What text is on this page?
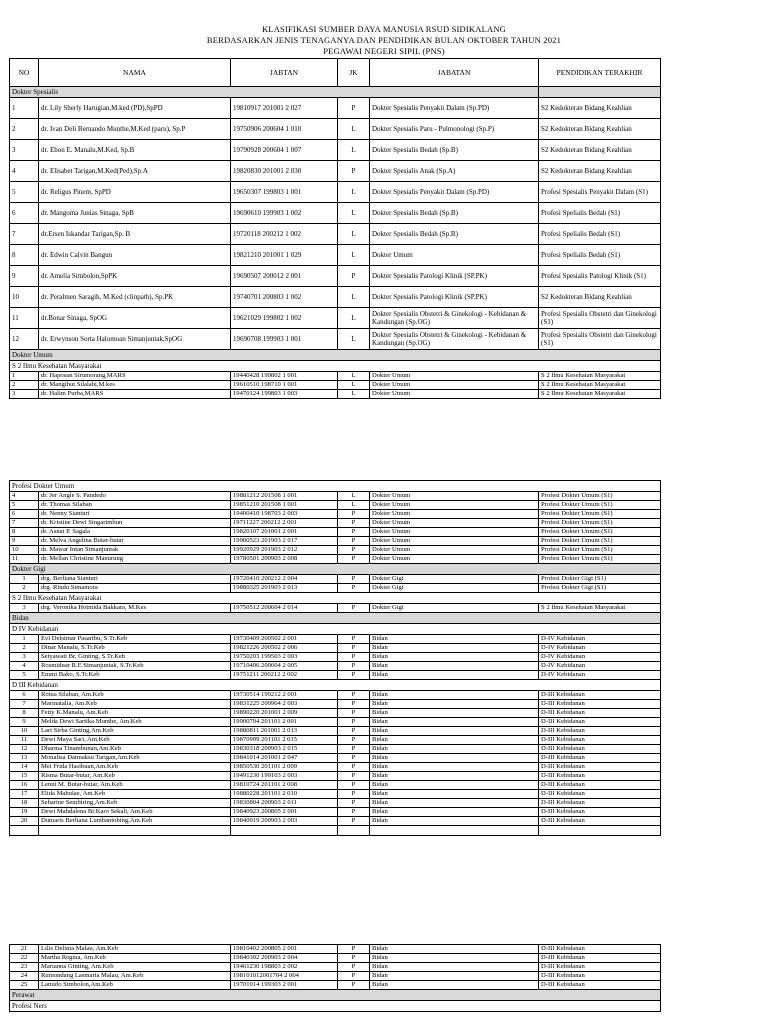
KLASIFIKASI SUMBER DAYA MANUSIA RSUD SIDIKALANG
BERDASARKAN JENIS TENAGANYA DAN PENDIDIKAN BULAN OKTOBER TAHUN 2021
PEGAWAI NEGERI SIPIL (PNS)
NO	NAMA	JABTAN	JK	JABATAN	PENDIDIKAN TERAKHIR
Dokter Spesialis					
1	dr. Lily Sherly Harugian,M.ked (PD),SpPD	19810917 201001 2 027	P	Dokter Spesialis Penyakit Dalam (Sp.PD)	S2 Kedokteran Bidang Keahlian
2	dr. Ivan Deli Bernando Munthe,M.Ked (paru), Sp.P	19750906 200604 1 010	L	Dokter Spesialis Paru - Pulmonologi (Sp.P)	S2 Kedokteran Bidang Keahlian
3	dr. Ebon E. Manalu,M.Ked, Sp.B	19790928 200604 1 007	L	Dokter Spesialis Bedah (Sp.B)	S2 Kedokteran Bidang Keahlian
4	dr. Elisabet Tarigan,M.Ked(Ped),Sp.A	19820830 201001 2 030	P	Dokter Spesialis Anak (Sp.A)	S2 Kedokteran Bidang Keahlian
5	dr. Religus Pinem, SpPD	19650307 199803 1 001	L	Dokter Spesialis Penyakit Dalam (Sp.PD)	Profesi Spesialis Penyakit Dalam (S1)
6	dr. Mangoma Junias Sinaga, SpB	19690610 199903 1 002	L	Dokter Spesialis Bedah (Sp.B)	Profesi Spelialis Bedah (S1)
7	dr.Ersen Iskandar Tarigan,Sp. B	19720118 200212 1 002	L	Dokter Spesialis Bedah (Sp.B)	Profesi Spelialis Bedah (S1)
8	dr. Edwin Calvin Bangun	19821210 201001 1 029	L	Dokter Umum	Profesi Spelialis Bedah (S1)
9	dr. Amelia Simbolon,SpPK	19690507 200012 2 001	P	Dokter Spesialis Patologi Klinik (SP.PK)	Profesi Spesialis Patologi Klinik (S1)
10	dr. Peralmen Saragih, M.Ked (clinpath), Sp.PK	19740701 200803 1 002	L	Dokter Spesialis Patologi Klinik (SP.PK)	S2 Kedokteran Bidang Keahlian
11	dr.Bonar Sinaga, SpOG	19621029 199802 1 002	L	Dokter Spesialis Obstetri & Ginekologi - Kebidanan & Kandungan (Sp.OG)	Profesi Spesialis Obstetri dan Ginekologi (S1)
12	dr. Erwynson Sorta Halomoan Simanjuntak,SpOG	19690708 199903 1 001	L	Dokter Spesialis Obstetri & Ginekologi - Kebidanan & Kandungan (Sp.OG)	Profesi Spesialis Obstetri dan Ginekologi (S1)
Dokter Umum					
S 2 Ilmu Kesehatan Masyarakat					
1	dr. Haposan Sirumorang,MARS	19440428 199802 1 001	L	Dokter Umum	S 2 Ilmu Kesehatan Masyarakat
2	dr. Mangihut Silalahi,M.kes	19610510 198710 1 001	L	Dokter Umum	S 2 Ilmu Kesehatan Masyarakat
3	dr. Halim Purba,MARS	19470124 199803 1 003	L	Dokter Umum	S 2 Ilmu Kesehatan Masyarakat
Profesi Dokter Umum					
4	dr. Jer Angle S. Pandedo	19881212 201508 1 001	L	Dokter Umum	Profesi Dokter Umum (S1)
5	dr. Thomas Silaban	19851210 201508 1 001	L	Dokter Umum	Profesi Dokter Umum (S1)
6	dr. Nenny Sianturi	19400410 198703 2 003	P	Dokter Umum	Profesi Dokter Umum (S1)
7	dr. Kristine Dewi Singarimbun	19711227 200212 2 001	P	Dokter Umum	Profesi Dokter Umum (S1)
8	dr. Asnat P. Sagala	19820107 201001 2 001	P	Dokter Umum	Profesi Dokter Umum (S1)
9	dr. Melva Angelina Butar-butar	19900523 201903 2 017	P	Dokter Umum	Profesi Dokter Umum (S1)
10	dr. Mawar Intan Simanjuntak	19920929 201903 2 012	P	Dokter Umum	Profesi Dokter Umum (S1)
11	dr. Mellan Christine Manurung	19780501 200903 2 008	P	Dokter Umum	Profesi Dokter Umum (S1)
Dokter Gigi					
1	drg. Berliana Sianturi	19720410 200212 2 004	P	Dokter Gigi	Profesi Dokter Gigi (S1)
2	drg. Rindu Simamora	19880325 201903 2 013	P	Dokter Gigi	Profesi Dokter Gigi (S1)
S 2 Ilmu Kesehatan Masyarakat					
3	drg. Veronika Hotmida Bakkara, M.Kes	19750512 200604 2 014	P	Dokter Gigi	S 2 Ilmu Kesehatan Masyarakat
Bidan					
D IV Kebidanan					
1	Evi Delsimar Pasaribu, S.Tr.Keb	19730409 200502 2 001	P	Bidan	D-IV Kebidanan
2	Dinar Manalu, S.Tr.Keb	19821226 200502 2 006	P	Bidan	D-IV Kebidanan
3	Setyawati Br. Ginting, S.Tr.Keb	19750203 199503 2 003	P	Bidan	D-IV Kebidanan
4	Rosmiduar R.E Simanjuntak, S.Tr.Keb	19710406 200604 2 005	P	Bidan	D-IV Kebidanan
5	Emmi Bako, S.Tr.Keb	19751211 200212 2 002	P	Bidan	D-IV Kebidanan
D III Kebidanan					
6	Rotua Silaban, Am.Keb	19730514 199212 2 001	P	Bidan	D-III Kebidanan
7	Marinatalia, Am.Keb	19831225 200904 2 003	P	Bidan	D-III Kebidanan
8	Fetty K.Manalu, Am.Keb	19890220 201001 2 009	P	Bidan	D-III Kebidanan
9	Melda Dewi Sartika Munthe, Am.Keb	19900704 201101 2 001	P	Bidan	D-III Kebidanan
10	Lari Sirba Ginting,Am.Keb	19880811 201001 2 013	P	Bidan	D-III Kebidanan
11	Dewi Maya Sari, Am.Keb	19870909 201101 2 015	P	Bidan	D-III Kebidanan
12	Dharma Tinambunan,Am.Keb	19830318 200903 2 015	P	Bidan	D-III Kebidanan
13	Monalisa Datmaksu Tarigan,Am.Keb	19841014 201001 2 047	P	Bidan	D-III Kebidanan
14	Mei Frida Hasibuan,Am.Keb	19850530 201101 2 009	P	Bidan	D-III Kebidanan
15	Risma Butar-butar, Am.Keb	19491230 199103 2 003	P	Bidan	D-III Kebidanan
16	Lenni M. Butar-butar, Am.Keb	19810724 201101 2 008	P	Bidan	D-III Kebidanan
17	Elida Mahulae, Am.Keb	19880228 201101 2 010	P	Bidan	D-III Kebidanan
18	Sebarine Sembiring,Am.Keb	19830804 200903 2 011	P	Bidan	D-III Kebidanan
19	Dewi Mahdalena Br.Karo Sekali, Am.Keb	19840923 200805 2 001	P	Bidan	D-III Kebidanan
20	Dumaris Berliana Lumbantobing,Am.Keb	19840919 200903 2 003	P	Bidan	D-III Kebidanan

21	Lilis Delima Malau, Am.Keb	19810402 200805 2 001	P	Bidan	D-III Kebidanan
22	Martha Regina, Am.Keb	19840302 200903 2 004	P	Bidan	D-III Kebidanan
23	Marianna Ginting, Am.Keb	19461230 198803 2 002	P	Bidan	D-III Kebidanan
24	Rumondang Lasmaria Malau, Am.Keb	198101012001704 2 004	P	Bidan	D-III Kebidanan
25	Lamido Simbolon,Am.Keb	19701014 199303 2 001	P	Bidan	D-III Kebidanan
Perawat					
Profesi Ners					
